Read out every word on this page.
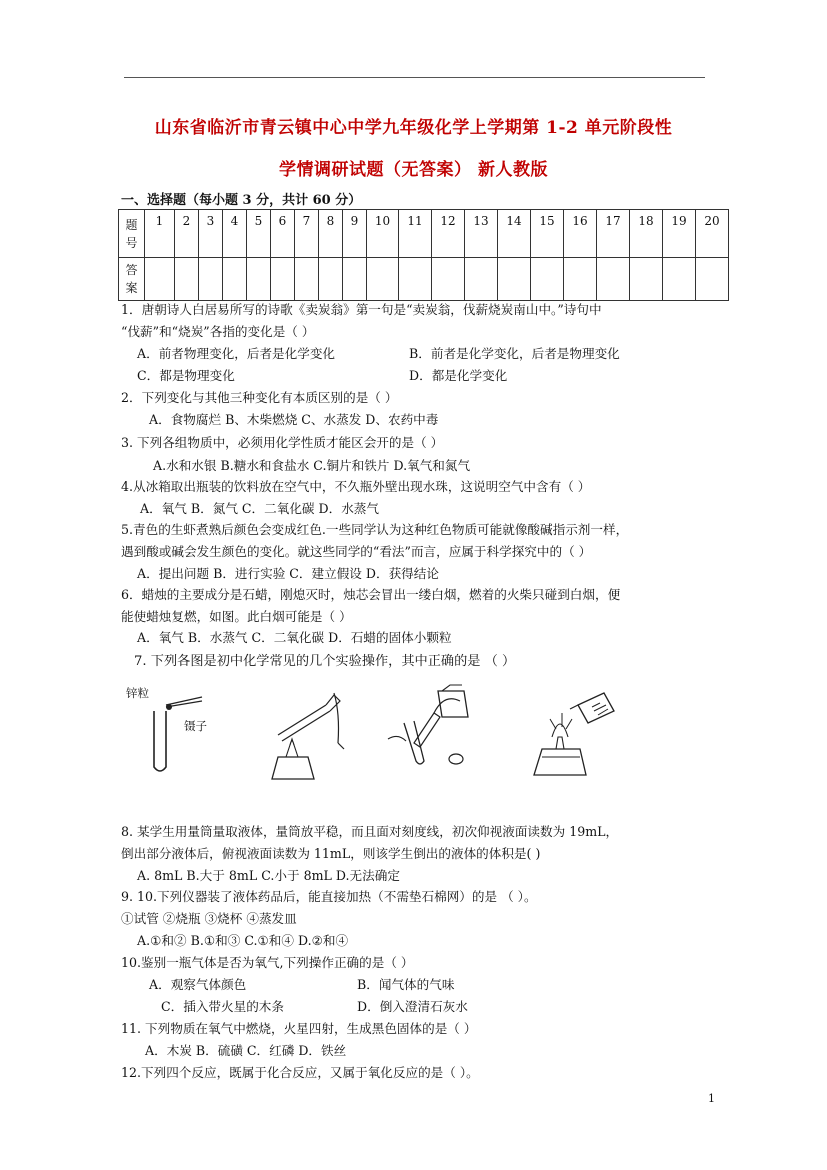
山东省临沂市青云镇中心中学九年级化学上学期第 1-2 单元阶段性
学情调研试题（无答案） 新人教版
一、选择题（每小题 3 分，共计 60 分）
题号	1	2	3	4	5	6	7	8	9	10	11	12	13	14	15	16	17	18	19	20
答案																				
1．唐朝诗人白居易所写的诗歌《卖炭翁》第一句是“卖炭翁，伐薪烧炭南山中。”诗句中
“伐薪”和“烧炭”各指的变化是（ ）
A．前者物理变化，后者是化学变化	B．前者是化学变化，后者是物理变化
C．都是物理变化	D．都是化学变化
2．下列变化与其他三种变化有本质区别的是（ ）
A．食物腐烂 B、木柴燃烧 C、水蒸发 D、农药中毒
3. 下列各组物质中，必须用化学性质才能区会开的是（ ）
A.水和水银 B.糖水和食盐水 C.铜片和铁片 D.氧气和氮气
4.从冰箱取出瓶装的饮料放在空气中，不久瓶外壁出现水珠，这说明空气中含有（ ）
A．氧气 B．氮气 C．二氧化碳 D．水蒸气
5.青色的生虾煮熟后颜色会变成红色.一些同学认为这种红色物质可能就像酸碱指示剂一样，
遇到酸或碱会发生颜色的变化。就这些同学的“看法”而言，应属于科学探究中的（ ）
A．提出问题 B．进行实验 C．建立假设 D．获得结论
6．蜡烛的主要成分是石蜡，刚熄灭时，烛芯会冒出一缕白烟，燃着的火柴只碰到白烟，便
能使蜡烛复燃，如图。此白烟可能是（ ）
A．氧气 B．水蒸气 C．二氧化碳 D．石蜡的固体小颗粒
7. 下列各图是初中化学常见的几个实验操作，其中正确的是 （ ）
锌粒
镊子
8. 某学生用量筒量取液体，量筒放平稳，而且面对刻度线，初次仰视液面读数为 19mL，
倒出部分液体后，俯视液面读数为 11mL，则该学生倒出的液体的体积是( )
A. 8mL B.大于 8mL C.小于 8mL D.无法确定
9. 10.下列仪器装了液体药品后，能直接加热（不需垫石棉网）的是 （ ）。
①试管 ②烧瓶 ③烧杯 ④蒸发皿
A.①和② B.①和③ C.①和④ D.②和④
10.鉴别一瓶气体是否为氧气,下列操作正确的是（ ）
A．观察气体颜色	B．闻气体的气味
C．插入带火星的木条	D．倒入澄清石灰水
11. 下列物质在氧气中燃烧，火星四射，生成黑色固体的是（ ）
A．木炭 B．硫磺 C．红磷 D．铁丝
12.下列四个反应，既属于化合反应，又属于氧化反应的是（ ）。
1
